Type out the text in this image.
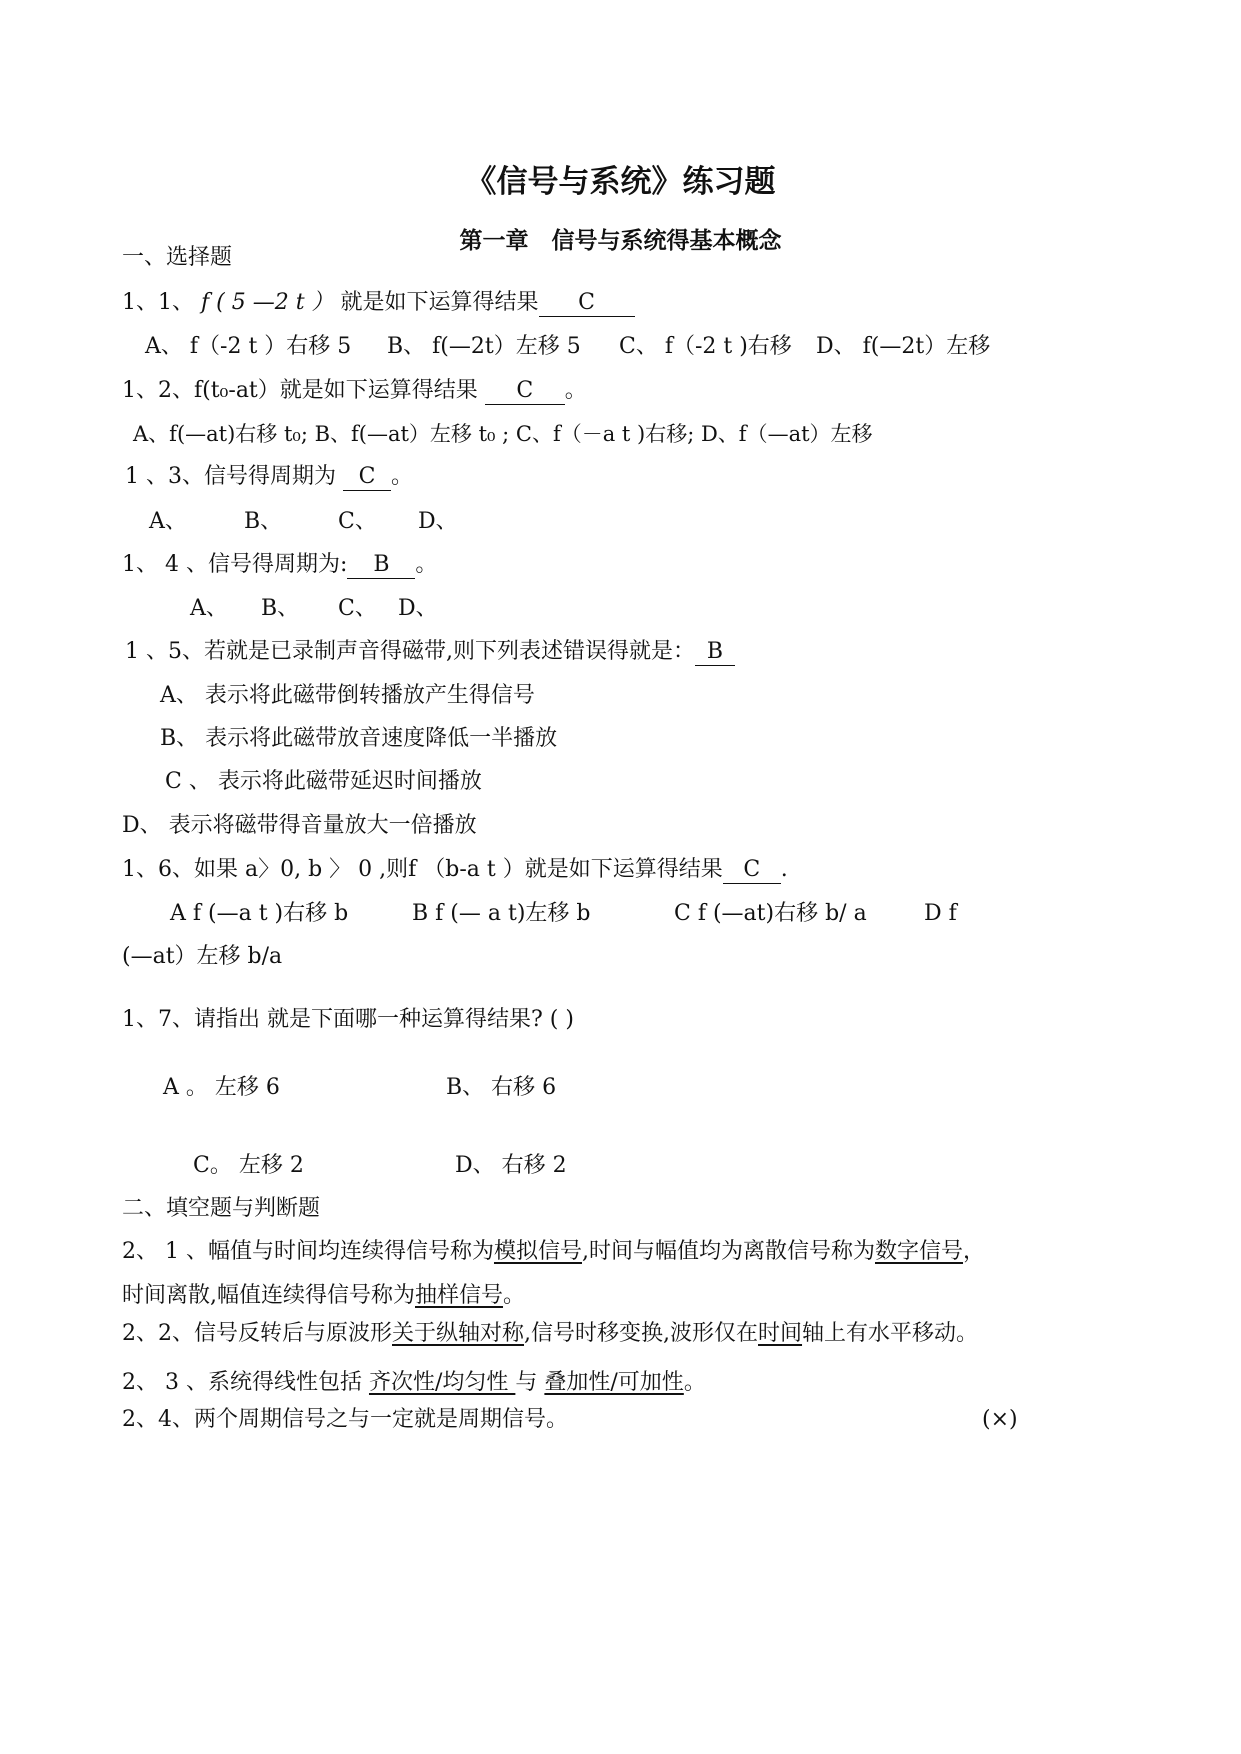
《信号与系统》练习题
第一章　信号与系统得基本概念
一、选择题
1、1、 f ( 5 —2 t ） 就是如下运算得结果 C
A、 f（-2 t ）右移 5 B、 f(—2t）左移 5 C、 f（-2 t )右移 D、 f(—2t）左移
1、2、f(t₀-at）就是如下运算得结果 C 。
A、f(—at)右移 t₀; B、f(—at）左移 t₀ ; C、f（－a t )右移; D、f（—at）左移
1 、3、信号得周期为 C 。
A、	B、	C、 D、
1、 4 、信号得周期为: B 。
A、 B、 C、 D、
1 、5、若就是已录制声音得磁带,则下列表述错误得就是： B
A、 表示将此磁带倒转播放产生得信号
B、 表示将此磁带放音速度降低一半播放
C 、 表示将此磁带延迟时间播放
D、 表示将磁带得音量放大一倍播放
1、6、如果 a〉0, b 〉 0 ,则f （b-a t ）就是如下运算得结果 C .
A f (—a t )右移 b	B f (— a t)左移 b	C f (—at)右移 b/ a	D f
(—at）左移 b/a
1、7、请指出 就是下面哪一种运算得结果? ( )
A 。 左移 6	B、 右移 6
C。 左移 2	D、 右移 2
二、填空题与判断题
2、 1 、幅值与时间均连续得信号称为模拟信号,时间与幅值均为离散信号称为数字信号，
时间离散,幅值连续得信号称为抽样信号。
2、2、信号反转后与原波形关于纵轴对称,信号时移变换,波形仅在时间轴上有水平移动。
2、 3 、系统得线性包括 齐次性/均匀性 与 叠加性/可加性。
2、4、两个周期信号之与一定就是周期信号。	(×)
